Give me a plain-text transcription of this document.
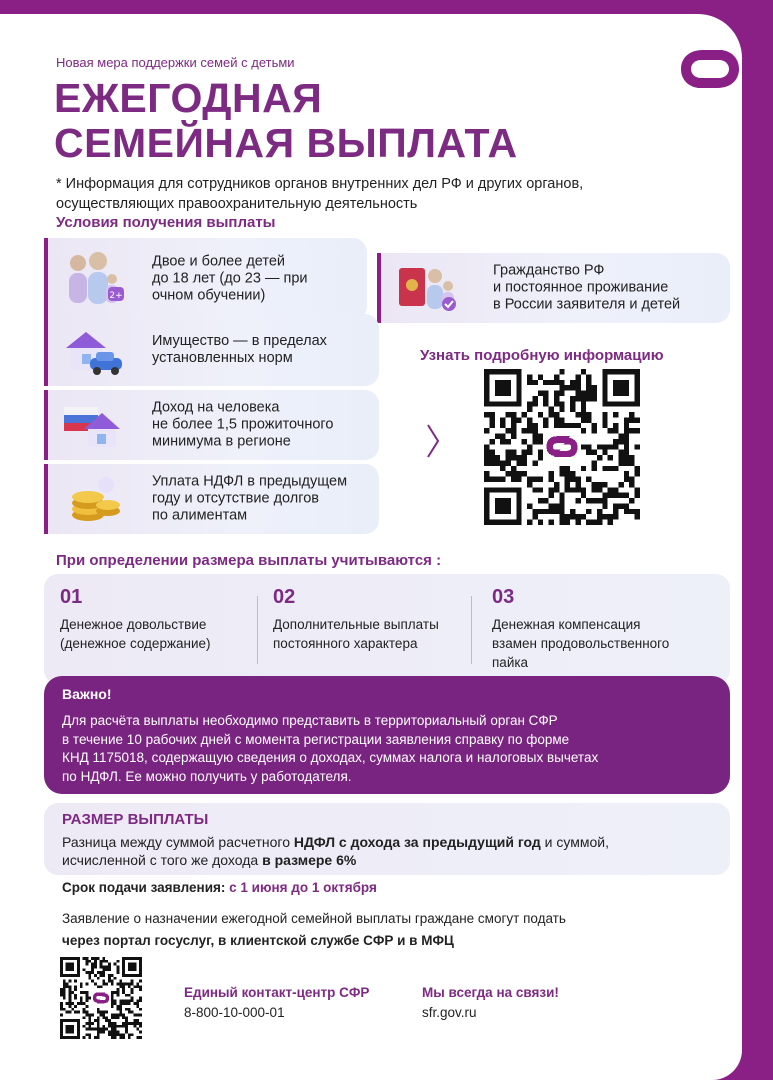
Новая мера поддержки семей с детьми
ЕЖЕГОДНАЯ
СЕМЕЙНАЯ ВЫПЛАТА
* Информация для сотрудников органов внутренних дел РФ и других органов,
осуществляющих правоохранительную деятельность
Условия получения выплаты
2+
Двое и более детей
до 18 лет (до 23 — при
очном обучении)
Гражданство РФ
и постоянное проживание
в России заявителя и детей
Имущество — в пределах
установленных норм
Доход на человека
не более 1,5 прожиточного
минимума в регионе
Уплата НДФЛ в предыдущем
году и отсутствие долгов
по алиментам
Узнать подробную информацию
При определении размера выплаты учитываются :
01
Денежное довольствие
(денежное содержание)
02
Дополнительные выплаты
постоянного характера
03
Денежная компенсация
взамен продовольственного
пайка
Важно!
Для расчёта выплаты необходимо представить в территориальный орган СФР
в течение 10 рабочих дней с момента регистрации заявления справку по форме
КНД 1175018, содержащую сведения о доходах, суммах налога и налоговых вычетах
по НДФЛ. Ее можно получить у работодателя.
РАЗМЕР ВЫПЛАТЫ
Разница между суммой расчетного НДФЛ с дохода за предыдущий год и суммой,
исчисленной с того же дохода в размере 6%
Срок подачи заявления: с 1 июня до 1 октября
Заявление о назначении ежегодной семейной выплаты граждане смогут подать
через портал госуслуг, в клиентской службе СФР и в МФЦ
Единый контакт-центр СФР
8-800-10-000-01
Мы всегда на связи!
sfr.gov.ru
